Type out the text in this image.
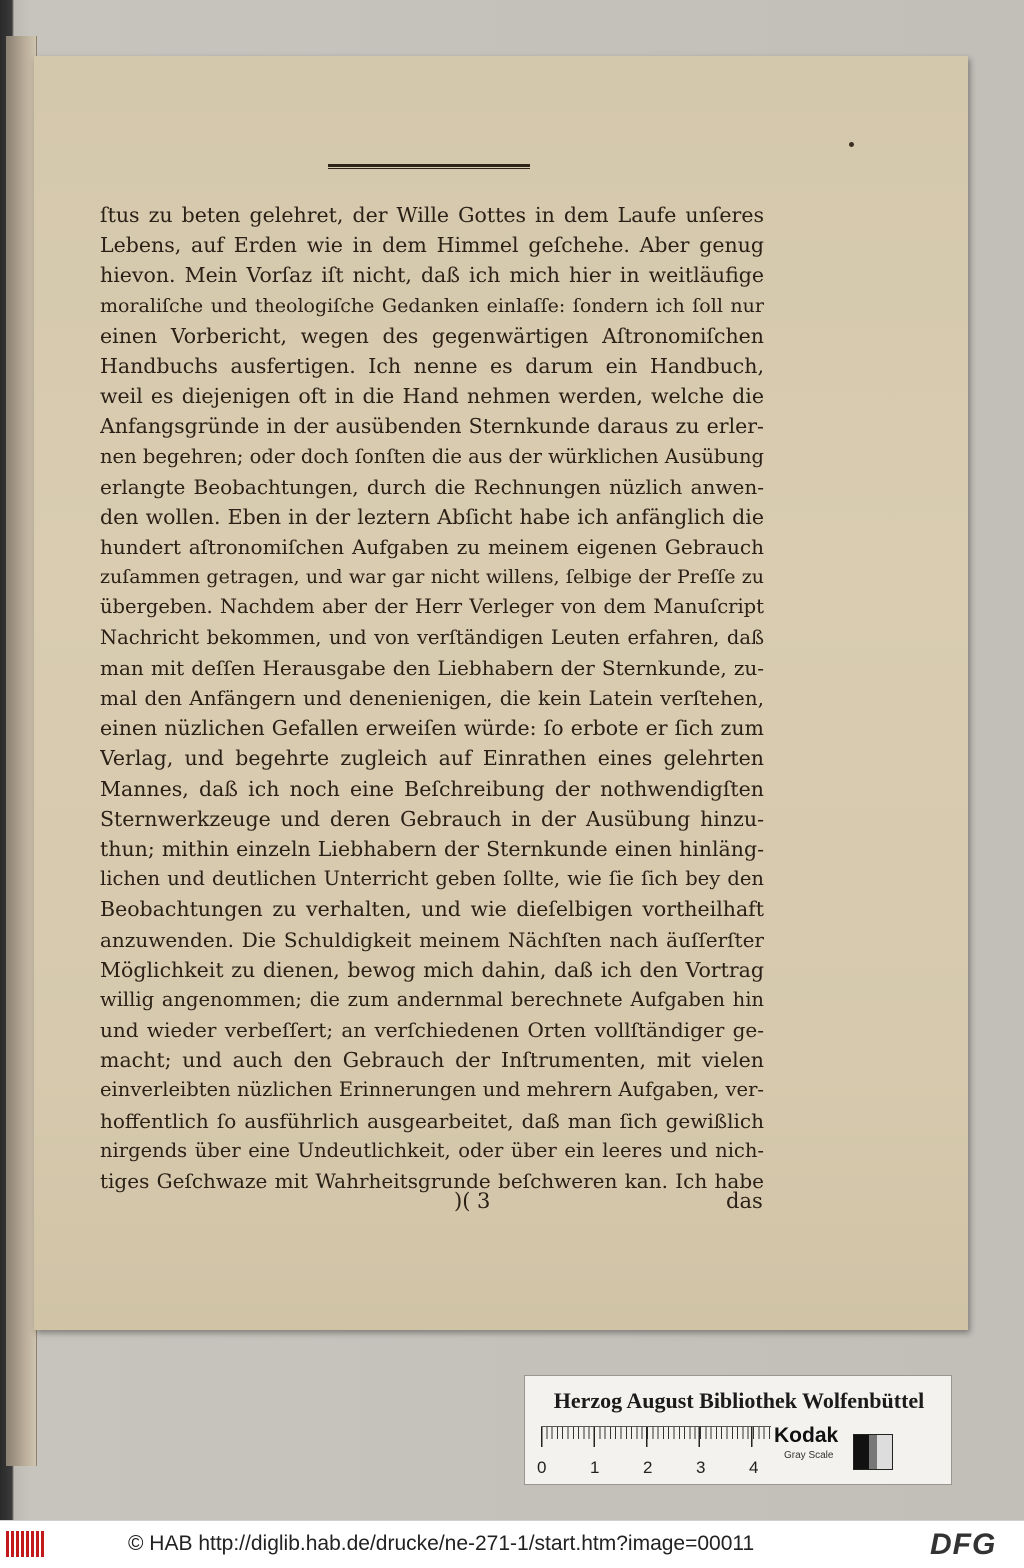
ſtus zu beten gelehret, der Wille Gottes in dem Laufe unſeres
Lebens, auf Erden wie in dem Himmel geſchehe. Aber genug
hievon. Mein Vorſaz iſt nicht, daß ich mich hier in weitläufige
moraliſche und theologiſche Gedanken einlaſſe: ſondern ich ſoll nur
einen Vorbericht, wegen des gegenwärtigen Aſtronomiſchen
Handbuchs ausfertigen. Ich nenne es darum ein Handbuch,
weil es diejenigen oft in die Hand nehmen werden, welche die
Anfangsgründe in der ausübenden Sternkunde daraus zu erler-
nen begehren; oder doch ſonſten die aus der würklichen Ausübung
erlangte Beobachtungen, durch die Rechnungen nüzlich anwen-
den wollen. Eben in der leztern Abſicht habe ich anfänglich die
hundert aſtronomiſchen Aufgaben zu meinem eigenen Gebrauch
zuſammen getragen, und war gar nicht willens, ſelbige der Preſſe zu
übergeben. Nachdem aber der Herr Verleger von dem Manuſcript
Nachricht bekommen, und von verſtändigen Leuten erfahren, daß
man mit deſſen Herausgabe den Liebhabern der Sternkunde, zu-
mal den Anfängern und denenienigen, die kein Latein verſtehen,
einen nüzlichen Gefallen erweiſen würde: ſo erbote er ſich zum
Verlag, und begehrte zugleich auf Einrathen eines gelehrten
Mannes, daß ich noch eine Beſchreibung der nothwendigſten
Sternwerkzeuge und deren Gebrauch in der Ausübung hinzu-
thun; mithin einzeln Liebhabern der Sternkunde einen hinläng-
lichen und deutlichen Unterricht geben ſollte, wie ſie ſich bey den
Beobachtungen zu verhalten, und wie dieſelbigen vortheilhaft
anzuwenden. Die Schuldigkeit meinem Nächſten nach äuſſerſter
Möglichkeit zu dienen, bewog mich dahin, daß ich den Vortrag
willig angenommen; die zum andernmal berechnete Aufgaben hin
und wieder verbeſſert; an verſchiedenen Orten vollſtändiger ge-
macht; und auch den Gebrauch der Inſtrumenten, mit vielen
einverleibten nüzlichen Erinnerungen und mehrern Aufgaben, ver-
hoffentlich ſo ausführlich ausgearbeitet, daß man ſich gewißlich
nirgends über eine Undeutlichkeit, oder über ein leeres und nich-
tiges Geſchwaze mit Wahrheitsgrunde beſchweren kan. Ich habe
)( 3	das
Herzog August Bibliothek Wolfenbüttel
0	1	2	3	4
Kodak
Gray Scale
© HAB http://diglib.hab.de/drucke/ne-271-1/start.htm?image=00011	DFG
